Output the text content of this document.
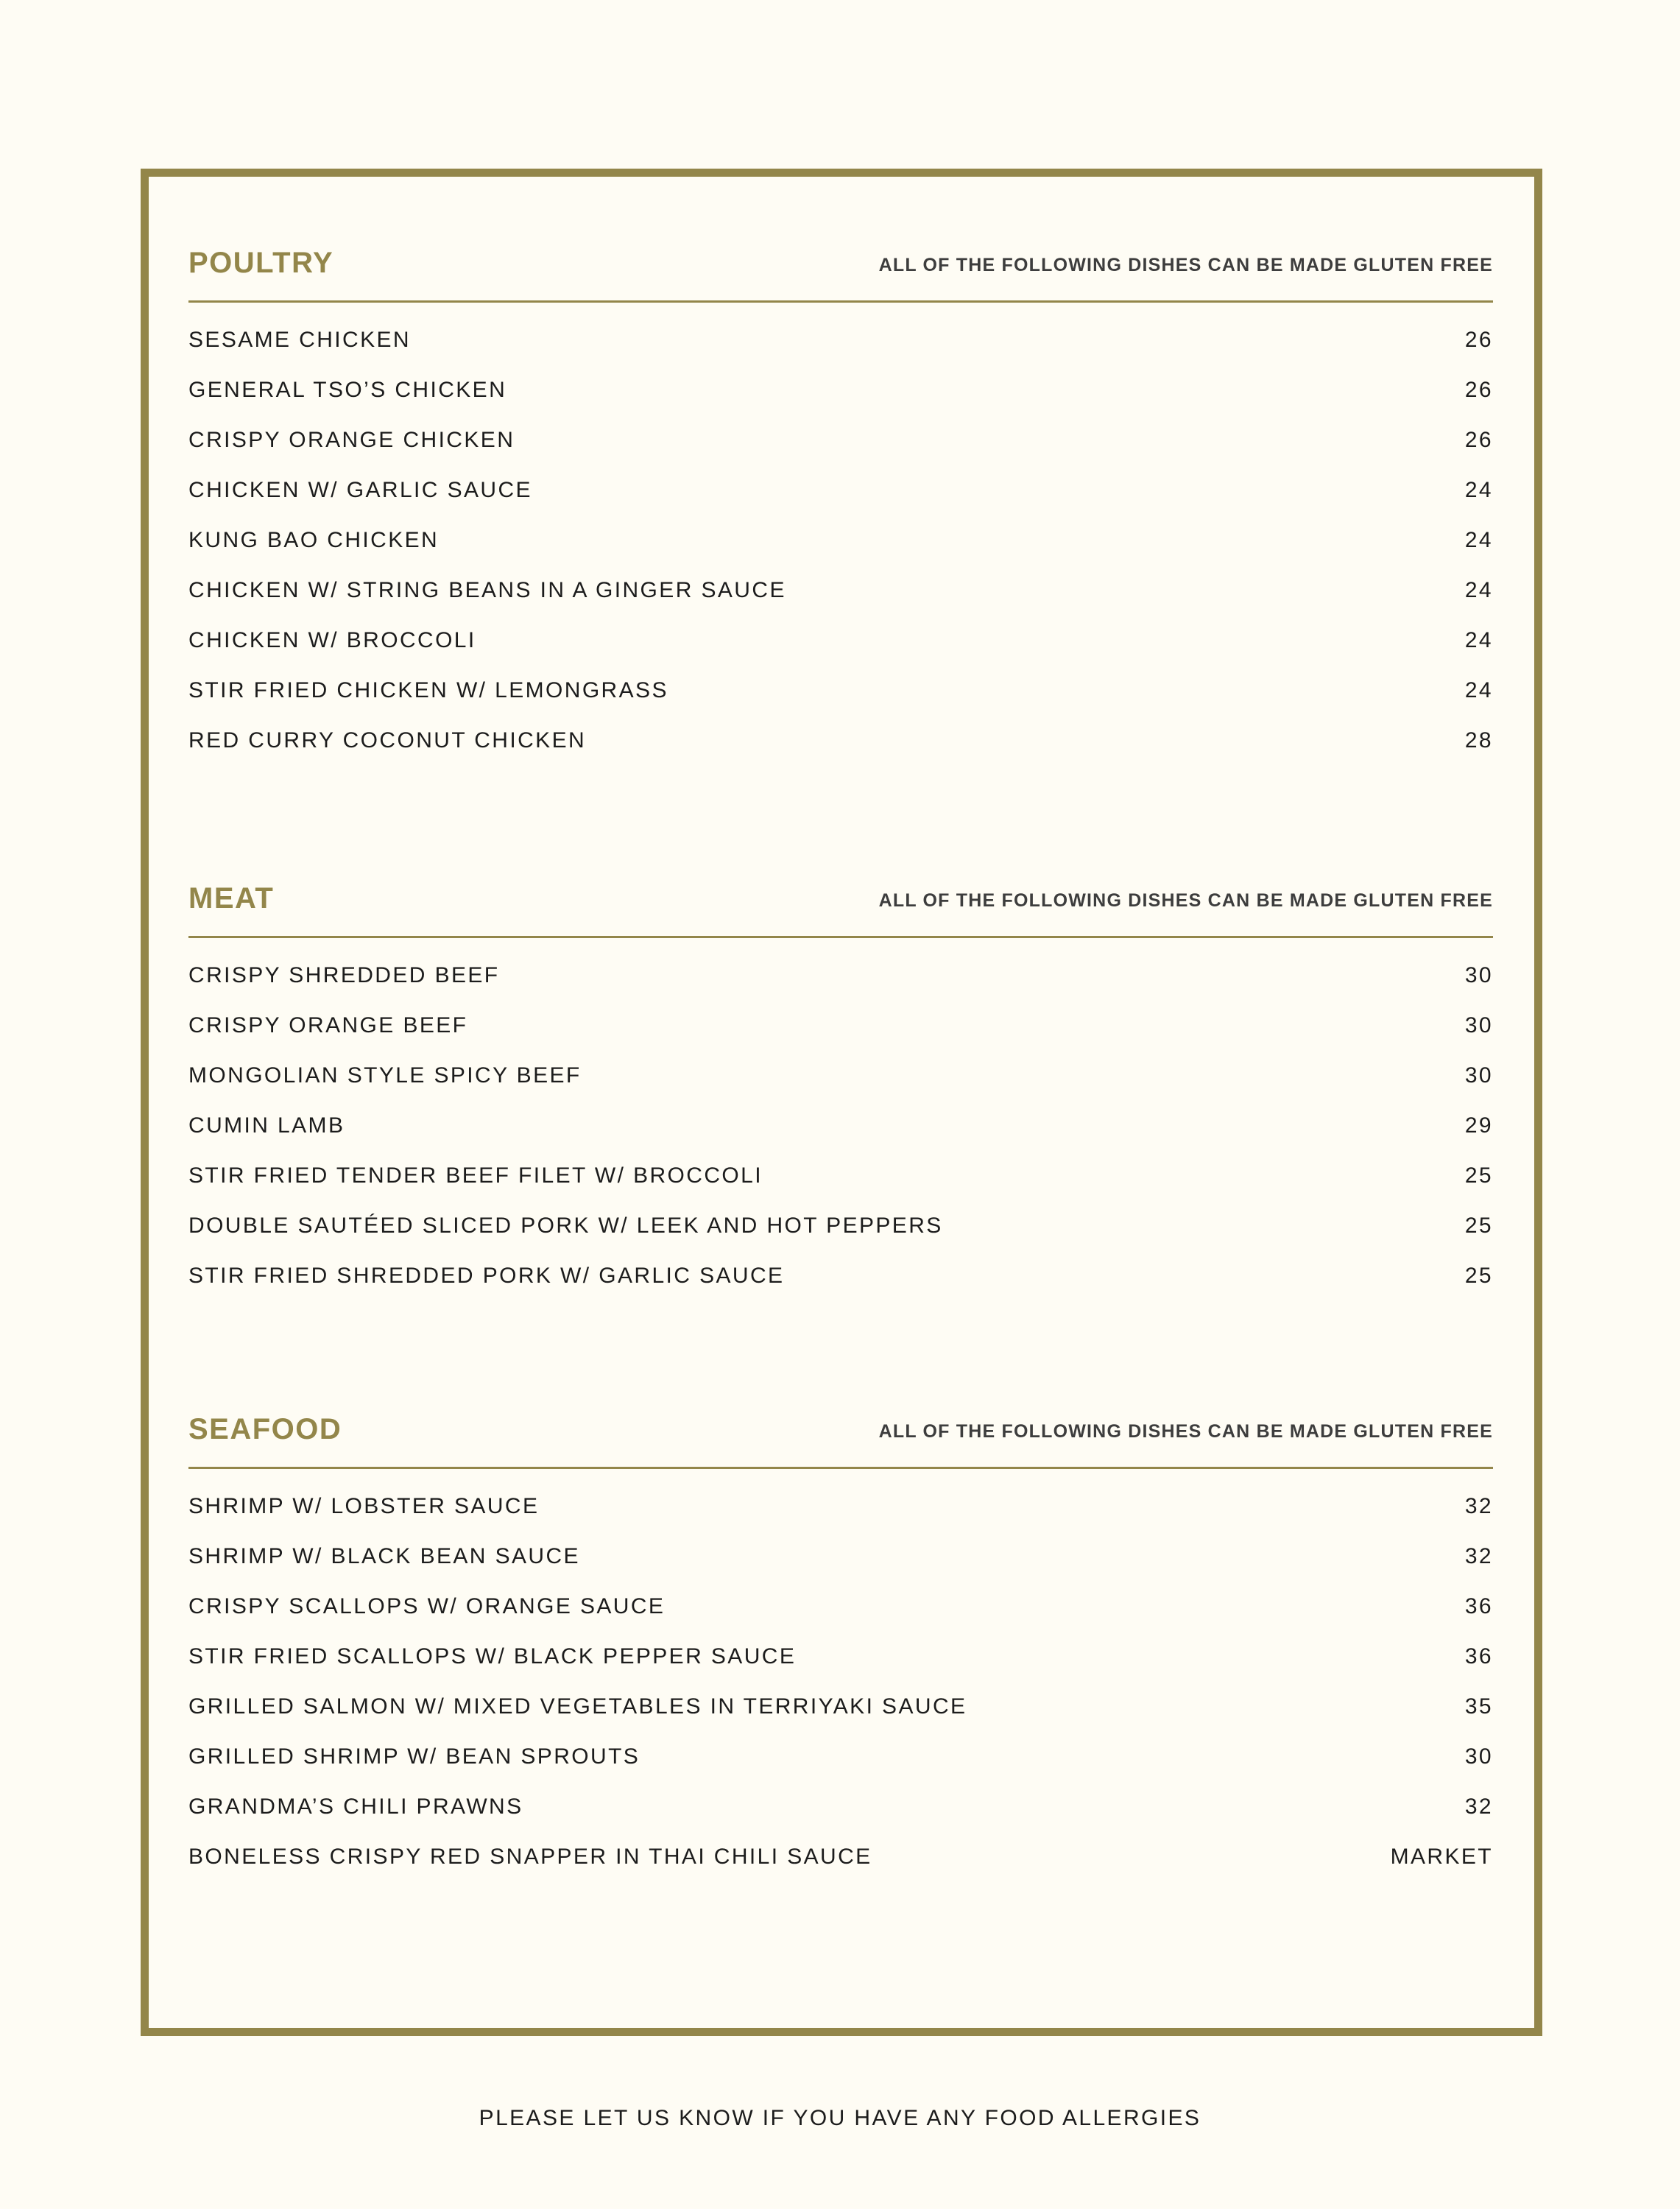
POULTRY	ALL OF THE FOLLOWING DISHES CAN BE MADE GLUTEN FREE
SESAME CHICKEN	26
GENERAL TSO’S CHICKEN	26
CRISPY ORANGE CHICKEN	26
CHICKEN W/ GARLIC SAUCE	24
KUNG BAO CHICKEN	24
CHICKEN W/ STRING BEANS IN A GINGER SAUCE	24
CHICKEN W/ BROCCOLI	24
STIR FRIED CHICKEN W/ LEMONGRASS	24
RED CURRY COCONUT CHICKEN	28
MEAT	ALL OF THE FOLLOWING DISHES CAN BE MADE GLUTEN FREE
CRISPY SHREDDED BEEF	30
CRISPY ORANGE BEEF	30
MONGOLIAN STYLE SPICY BEEF	30
CUMIN LAMB	29
STIR FRIED TENDER BEEF FILET W/ BROCCOLI	25
DOUBLE SAUTÉED SLICED PORK W/ LEEK AND HOT PEPPERS	25
STIR FRIED SHREDDED PORK W/ GARLIC SAUCE	25
SEAFOOD	ALL OF THE FOLLOWING DISHES CAN BE MADE GLUTEN FREE
SHRIMP W/ LOBSTER SAUCE	32
SHRIMP W/ BLACK BEAN SAUCE	32
CRISPY SCALLOPS W/ ORANGE SAUCE	36
STIR FRIED SCALLOPS W/ BLACK PEPPER SAUCE	36
GRILLED SALMON W/ MIXED VEGETABLES IN TERRIYAKI SAUCE	35
GRILLED SHRIMP W/ BEAN SPROUTS	30
GRANDMA’S CHILI PRAWNS	32
BONELESS CRISPY RED SNAPPER IN THAI CHILI SAUCE	MARKET
PLEASE LET US KNOW IF YOU HAVE ANY FOOD ALLERGIES
